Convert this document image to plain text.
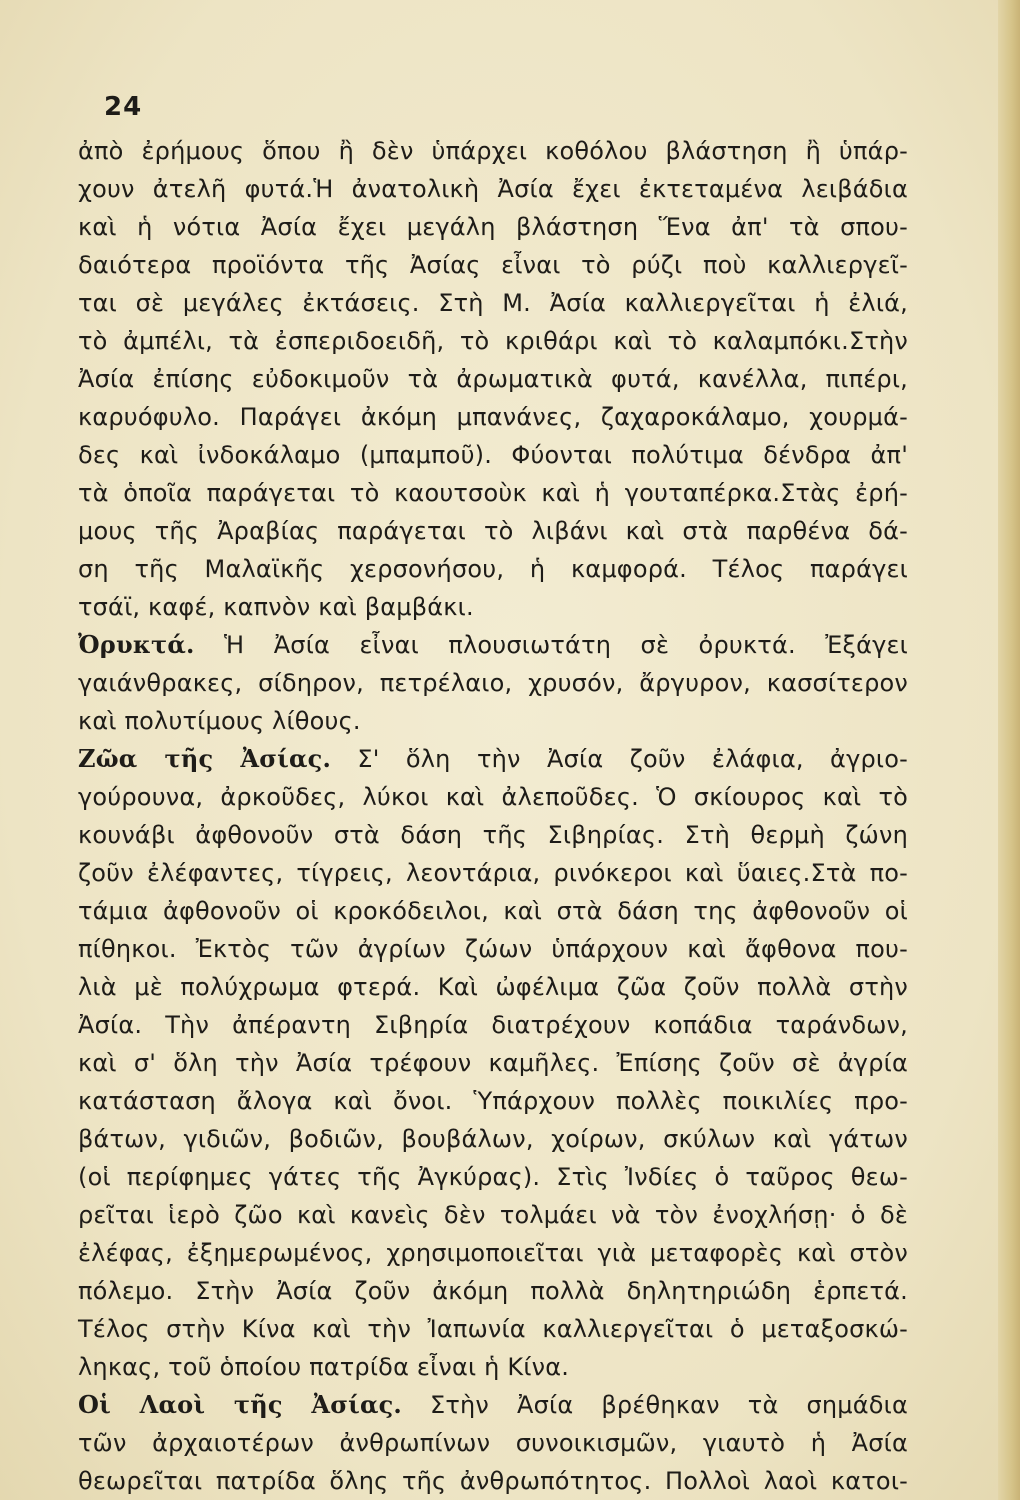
24
ἀπὸ ἐρήμους ὅπου ἢ δὲν ὑπάρχει κοθόλου βλάστηση ἢ ὑπάρ-
χουν ἀτελῆ φυτά.Ἡ ἀνατολικὴ Ἀσία ἔχει ἐκτεταμένα λειβάδια
καὶ ἡ νότια Ἀσία ἔχει μεγάλη βλάστηση Ἕνα ἀπ' τὰ σπου-
δαιότερα προϊόντα τῆς Ἀσίας εἶναι τὸ ρύζι ποὺ καλλιεργεῖ-
ται σὲ μεγάλες ἐκτάσεις. Στὴ Μ. Ἀσία καλλιεργεῖται ἡ ἐλιά,
τὸ ἀμπέλι, τὰ ἐσπεριδοειδῆ, τὸ κριθάρι καὶ τὸ καλαμπόκι.Στὴν
Ἀσία ἐπίσης εὐδοκιμοῦν τὰ ἀρωματικὰ φυτά, κανέλλα, πιπέρι,
καρυόφυλο. Παράγει ἀκόμη μπανάνες, ζαχαροκάλαμο, χουρμά-
δες καὶ ἰνδοκάλαμο (μπαμποῦ). Φύονται πολύτιμα δένδρα ἀπ'
τὰ ὁποῖα παράγεται τὸ καουτσοὺκ καὶ ἡ γουταπέρκα.Στὰς ἐρή-
μους τῆς Ἀραβίας παράγεται τὸ λιβάνι καὶ στὰ παρθένα δά-
ση τῆς Μαλαϊκῆς χερσονήσου, ἡ καμφορά. Τέλος παράγει
τσάϊ, καφέ, καπνὸν καὶ βαμβάκι.
Ὀρυκτά. Ἡ Ἀσία εἶναι πλουσιωτάτη σὲ ὀρυκτά. Ἐξάγει
γαιάνθρακες, σίδηρον, πετρέλαιο, χρυσόν, ἄργυρον, κασσίτερον
καὶ πολυτίμους λίθους.
Ζῶα τῆς Ἀσίας. Σ' ὅλη τὴν Ἀσία ζοῦν ἐλάφια, ἀγριο-
γούρουνα, ἀρκοῦδες, λύκοι καὶ ἀλεποῦδες. Ὁ σκίουρος καὶ τὸ
κουνάβι ἀφθονοῦν στὰ δάση τῆς Σιβηρίας. Στὴ θερμὴ ζώνη
ζοῦν ἐλέφαντες, τίγρεις, λεοντάρια, ρινόκεροι καὶ ὕαιες.Στὰ πο-
τάμια ἀφθονοῦν οἱ κροκόδειλοι, καὶ στὰ δάση της ἀφθονοῦν οἱ
πίθηκοι. Ἐκτὸς τῶν ἀγρίων ζώων ὑπάρχουν καὶ ἄφθονα που-
λιὰ μὲ πολύχρωμα φτερά. Καὶ ὠφέλιμα ζῶα ζοῦν πολλὰ στὴν
Ἀσία. Τὴν ἀπέραντη Σιβηρία διατρέχουν κοπάδια ταράνδων,
καὶ σ' ὅλη τὴν Ἀσία τρέφουν καμῆλες. Ἐπίσης ζοῦν σὲ ἀγρία
κατάσταση ἄλογα καὶ ὄνοι. Ὑπάρχουν πολλὲς ποικιλίες προ-
βάτων, γιδιῶν, βοδιῶν, βουβάλων, χοίρων, σκύλων καὶ γάτων
(οἱ περίφημες γάτες τῆς Ἀγκύρας). Στὶς Ἰνδίες ὁ ταῦρος θεω-
ρεῖται ἱερὸ ζῶο καὶ κανεὶς δὲν τολμάει νὰ τὸν ἐνοχλήσῃ· ὁ δὲ
ἐλέφας, ἐξημερωμένος, χρησιμοποιεῖται γιὰ μεταφορὲς καὶ στὸν
πόλεμο. Στὴν Ἀσία ζοῦν ἀκόμη πολλὰ δηλητηριώδη ἑρπετά.
Τέλος στὴν Κίνα καὶ τὴν Ἰαπωνία καλλιεργεῖται ὁ μεταξοσκώ-
ληκας, τοῦ ὁποίου πατρίδα εἶναι ἡ Κίνα.
Οἱ Λαοὶ τῆς Ἀσίας. Στὴν Ἀσία βρέθηκαν τὰ σημάδια
τῶν ἀρχαιοτέρων ἀνθρωπίνων συνοικισμῶν, γιαυτὸ ἡ Ἀσία
θεωρεῖται πατρίδα ὅλης τῆς ἀνθρωπότητος. Πολλοὶ λαοὶ κατοι-
